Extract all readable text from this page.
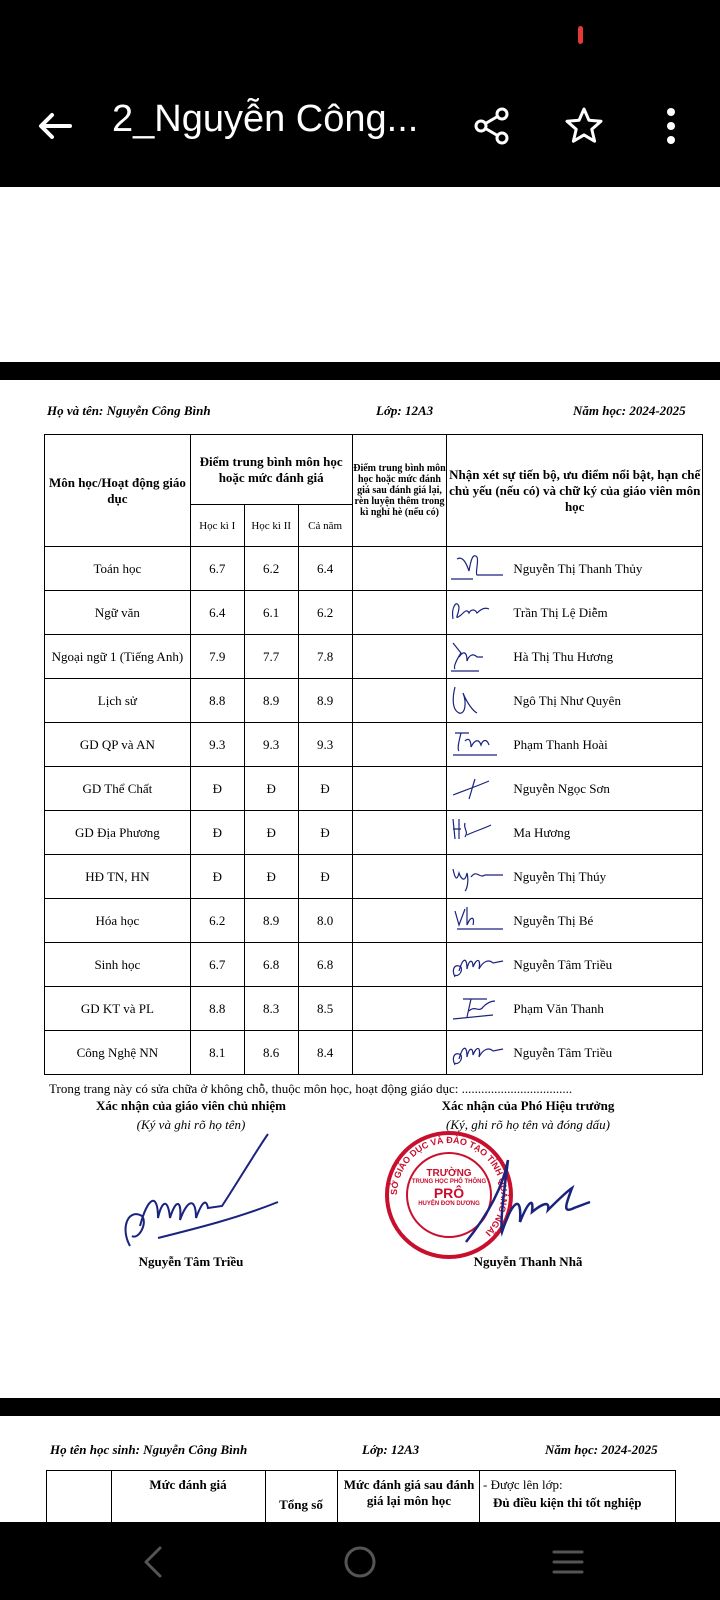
2_Nguyễn Công...
Họ và tên: Nguyễn Công Bình	Lớp: 12A3	Năm học: 2024-2025
Môn học/Hoạt động giáo dục	Điểm trung bình môn học hoặc mức đánh giá			Điểm trung bình môn học hoặc mức đánh giá sau đánh giá lại, rèn luyện thêm trong kì nghỉ hè (nếu có)	Nhận xét sự tiến bộ, ưu điểm nổi bật, hạn chế chủ yếu (nếu có) và chữ ký của giáo viên môn học
	Học kì I	Học kì II	Cả năm		
Toán học	6.7	6.2	6.4		Nguyễn Thị Thanh Thủy

Ngữ văn	6.4	6.1	6.2		Trần Thị Lệ Diễm

Ngoại ngữ 1 (Tiếng Anh)	7.9	7.7	7.8		Hà Thị Thu Hương

Lịch sử	8.8	8.9	8.9		Ngô Thị Như Quyên

GD QP và AN	9.3	9.3	9.3		Phạm Thanh Hoài

GD Thể Chất	Đ	Đ	Đ		Nguyễn Ngọc Sơn

GD Địa Phương	Đ	Đ	Đ		Ma Hương

HĐ TN, HN	Đ	Đ	Đ		Nguyễn Thị Thúy

Hóa học	6.2	8.9	8.0		Nguyễn Thị Bé

Sinh học	6.7	6.8	6.8		Nguyễn Tâm Triều

GD KT và PL	8.8	8.3	8.5		Phạm Văn Thanh

Công Nghệ NN	8.1	8.6	8.4		Nguyễn Tâm Triều
Trong trang này có sửa chữa ở không chỗ, thuộc môn học, hoạt động giáo dục: ..................................
Xác nhận của giáo viên chủ nhiệm
(Ký và ghi rõ họ tên)
Nguyễn Tâm Triều
Xác nhận của Phó Hiệu trưởng
(Ký, ghi rõ họ tên và đóng dấu)
SỞ GIÁO DỤC VÀ ĐÀO TẠO TỈNH QUẢNG NGÃI
TRƯỜNG
TRUNG HỌC PHỔ THÔNG
PRÔ
HUYỆN ĐƠN DƯƠNG
Nguyễn Thanh Nhã
Họ tên học sinh: Nguyễn Công Bình	Lớp: 12A3	Năm học: 2024-2025
Mức đánh giá
Tổng số
Mức đánh giá sau đánh giá lại môn học
- Được lên lớp:
Đủ điều kiện thi tốt nghiệp
